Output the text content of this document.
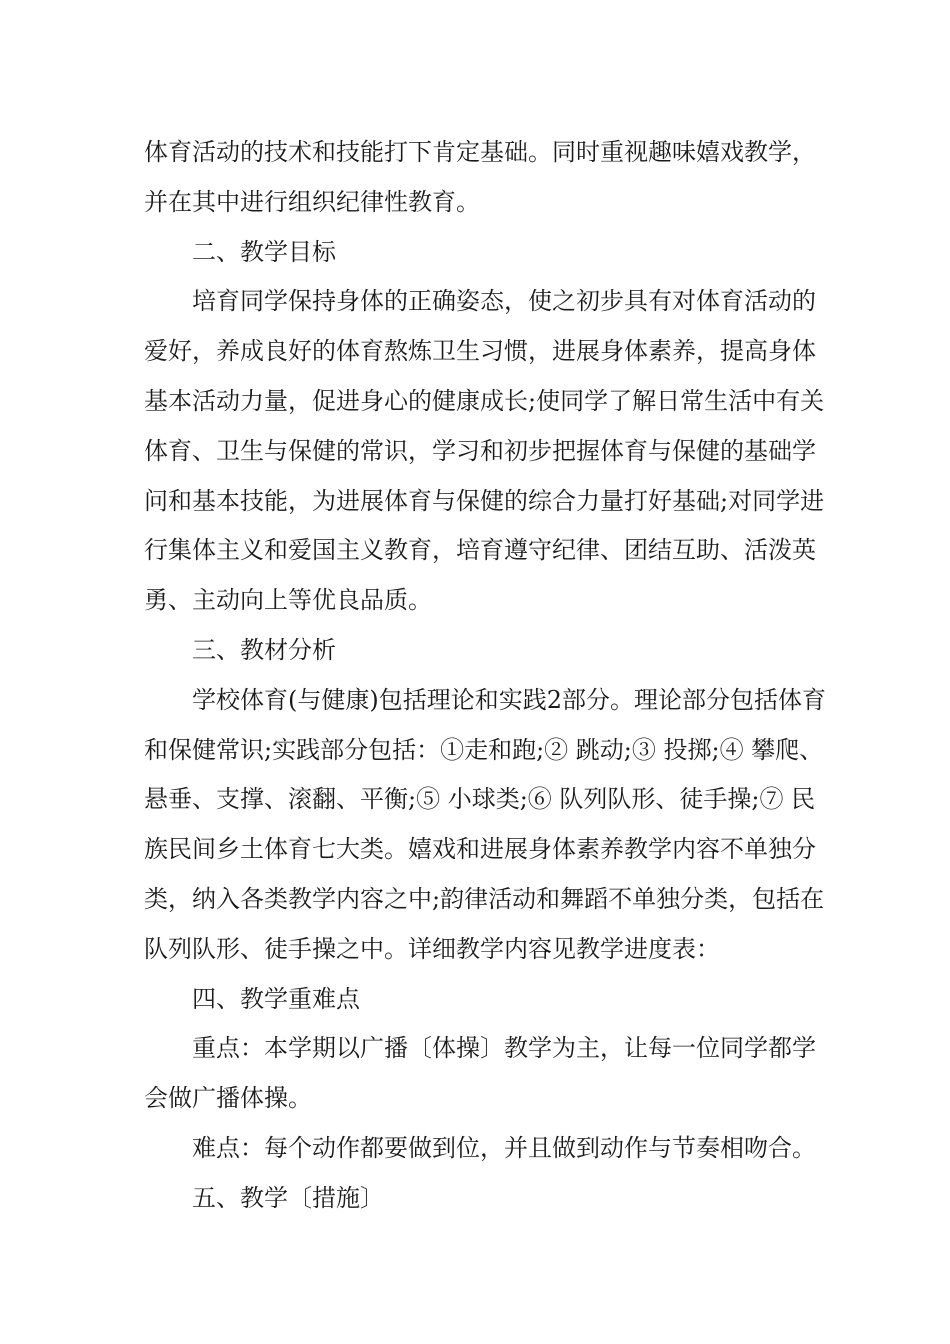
体育活动的技术和技能打下肯定基础。同时重视趣味嬉戏教学，并在其中进行组织纪律性教育。

二、教学目标

培育同学保持身体的正确姿态，使之初步具有对体育活动的爱好，养成良好的体育熬炼卫生习惯，进展身体素养，提高身体基本活动力量，促进身心的健康成长;使同学了解日常生活中有关体育、卫生与保健的常识，学习和初步把握体育与保健的基础学问和基本技能，为进展体育与保健的综合力量打好基础;对同学进行集体主义和爱国主义教育，培育遵守纪律、团结互助、活泼英勇、主动向上等优良品质。

三、教材分析

学校体育(与健康)包括理论和实践2部分。理论部分包括体育和保健常识;实践部分包括：①走和跑;② 跳动;③ 投掷;④ 攀爬、悬垂、支撑、滚翻、平衡;⑤ 小球类;⑥ 队列队形、徒手操;⑦ 民族民间乡土体育七大类。嬉戏和进展身体素养教学内容不单独分类，纳入各类教学内容之中;韵律活动和舞蹈不单独分类，包括在队列队形、徒手操之中。详细教学内容见教学进度表：

四、教学重难点

重点：本学期以广播〔体操〕教学为主，让每一位同学都学会做广播体操。

难点：每个动作都要做到位，并且做到动作与节奏相吻合。

五、教学〔措施〕
